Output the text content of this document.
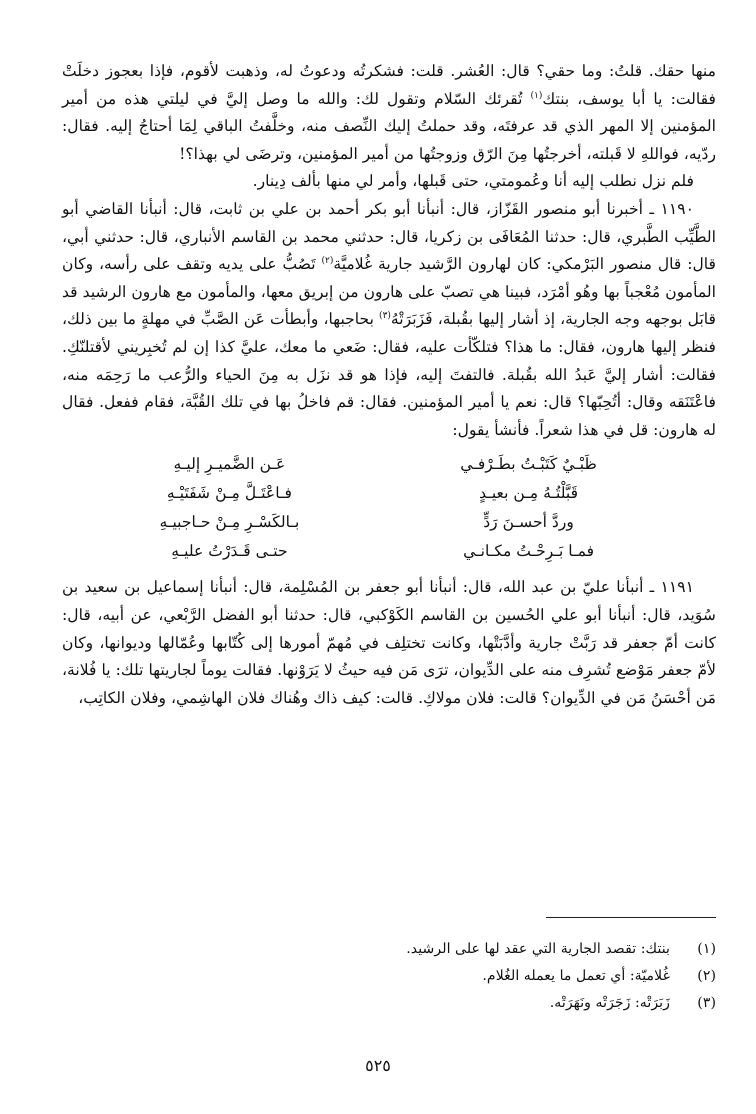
منها حقك. قلتُ: وما حقي؟ قال: العُشر. قلت: فشكرتُه ودعوتُ له، وذهبت لأقوم، فإذا بعجوز دخلَتْ فقالت: يا أبا يوسف، بنتك$^{(١)}$ تُقرئك السّلام وتقول لك: والله ما وصل إليَّ في ليلتي هذه من أمير المؤمنين إلا المهر الذي قد عرفتَه، وقد حملتُ إليك النِّصف منه، وخلَّفتُ الباقي لِمَا أحتاجُ إليه. فقال: ردّيه، فواللهِ لا قَبلته، أخرجتُها مِنَ الرّق وزوجتُها من أمير المؤمنين، وترضَى لي بهذا؟!

فلم نزل نطلب إليه أنا وعُمومتي، حتى قَبلها، وأمر لي منها بألف دِينار.

١١٩٠ ـ أخبرنا أبو منصور القَزّاز، قال: أنبأنا أبو بكر أحمد بن علي بن ثابت، قال: أنبأنا القاضي أبو الطَّيِّب الطَّبري، قال: حدثنا المُعَافَى بن زكريا، قال: حدثني محمد بن القاسم الأنباري، قال: حدثني أبي، قال: قال منصور البَرْمكي: كان لهارون الرَّشيد جارية غُلاميَّة$^{(٢)}$ تَصُبُّ على يديه وتقف على رأسه، وكان المأمون مُعْجباً بها وهُو أمْرَد، فبينا هي تصبّ على هارون من إبريق معها، والمأمون مع هارون الرشيد قد قابَل بوجهه وجه الجارية، إذ أشار إليها بقُبلة، فَزَبَرَتْهُ$^{(٣)}$ بحاجبها، وأبطأت عَن الصَّبِّ في مهلةٍ ما بين ذلك، فنظر إليها هارون، فقال: ما هذا؟ فتلكّأت عليه، فقال: ضَعي ما معك، عليَّ كذا إن لم تُخبِريني لأقتلنّكِ. فقالت: أشار إليَّ عَبدُ الله بقُبلة. فالتفتَ إليه، فإذا هو قد نزَل به مِنَ الحياء والرُّعب ما رَحِمَه منه، فاعْتَنَقه وقال: أتُحِبّها؟ قال: نعم يا أمير المؤمنين. فقال: قم فاخلُ بها في تلك القُبَّة، فقام ففعل. فقال له هارون: قل في هذا شعراً. فأنشأ يقول:

ظَبْـيٌ كَتَبْـتُ بطَـرْفـي
عَـن الضَّميـرِ إليـهِ
قَبَّلْتُـهُ مِـن بعيـدٍ
فـاعْتَـلَّ مِـنْ شَفَتَيْـهِ
وردَّ أحسـنَ رَدٍّ
بـالكَسْـرِ مِـنْ حـاجبيـهِ
فمـا بَـرِحْـتُ مكـانـي
حتـى قَـدَرْتُ عليـهِ

١١٩١ ـ أنبأنا عليّ بن عبد الله، قال: أنبأنا أبو جعفر بن المُسْلِمة، قال: أنبأنا إسماعيل بن سعيد بن سُوَيد، قال: أنبأنا أبو علي الحُسين بن القاسم الكَوْكبي، قال: حدثنا أبو الفضل الرَّبْعي، عن أبيه، قال: كانت أمّ جعفر قد رَبَّتْ جارية وأدَّبَتْها، وكانت تختلِف في مُهمّ أمورها إلى كُتّابها وعُمّالها وديوانها، وكان لأمّ جعفر مَوْضع تُشرِف منه على الدِّيوان، ترَى مَن فيه حيثُ لا يَرَوْنها. فقالت يوماً لجاريتها تلك: يا فُلانة، مَن أحْسَنُ مَن في الدِّيوان؟ قالت: فلان مولاكِ. قالت: كيف ذاك وهُناك فلان الهاشِمي، وفلان الكاتِب،

(١)
بنتك: تقصد الجارية التي عقد لها على الرشيد.
(٢)
غُلاميّة: أي تعمل ما يعمله الغُلام.
(٣)
زَبَرَتْه: زَجَرَتْه ونَهَرَتْه.
٥٢٥
